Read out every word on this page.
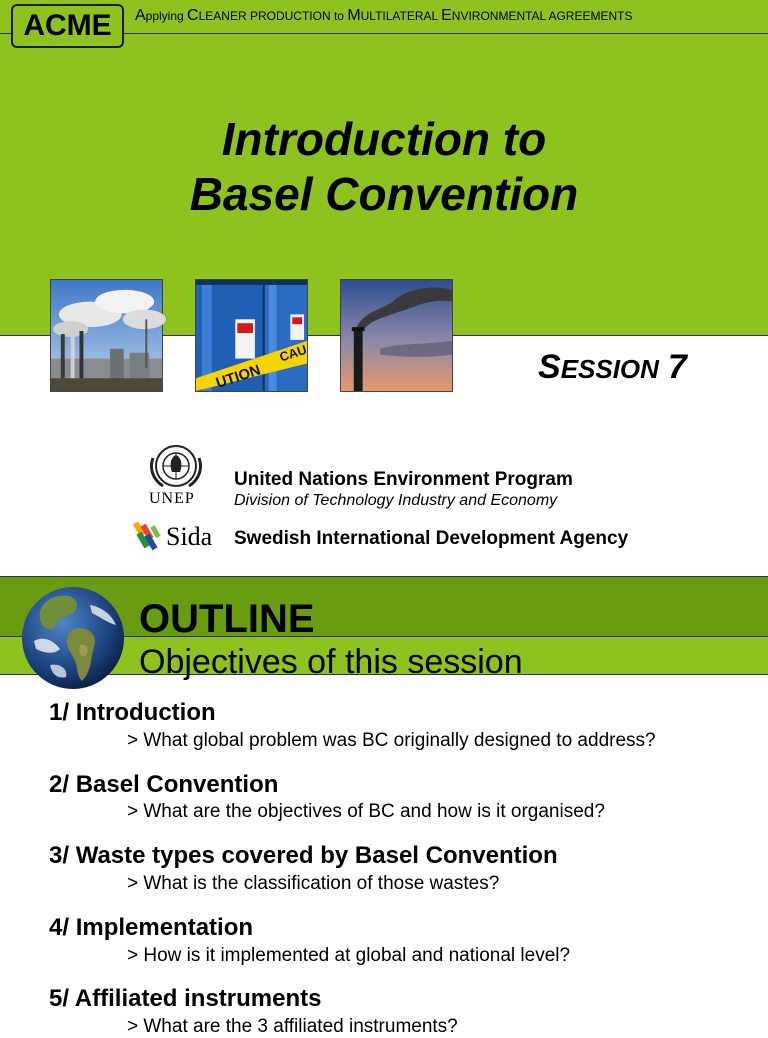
ACME	Applying CLEANER PRODUCTION to MULTILATERAL ENVIRONMENTAL AGREEMENTS
Introduction to
Basel Convention
UTION
CAU	SESSION 7
UNEP
United Nations Environment Program
Division of Technology Industry and Economy
Sida Swedish International Development Agency
OUTLINE
Objectives of this session
1/ Introduction
> What global problem was BC originally designed to address?
2/ Basel Convention
> What are the objectives of BC and how is it organised?
3/ Waste types covered by Basel Convention
> What is the classification of those wastes?
4/ Implementation
> How is it implemented at global and national level?
5/ Affiliated instruments
> What are the 3 affiliated instruments?
